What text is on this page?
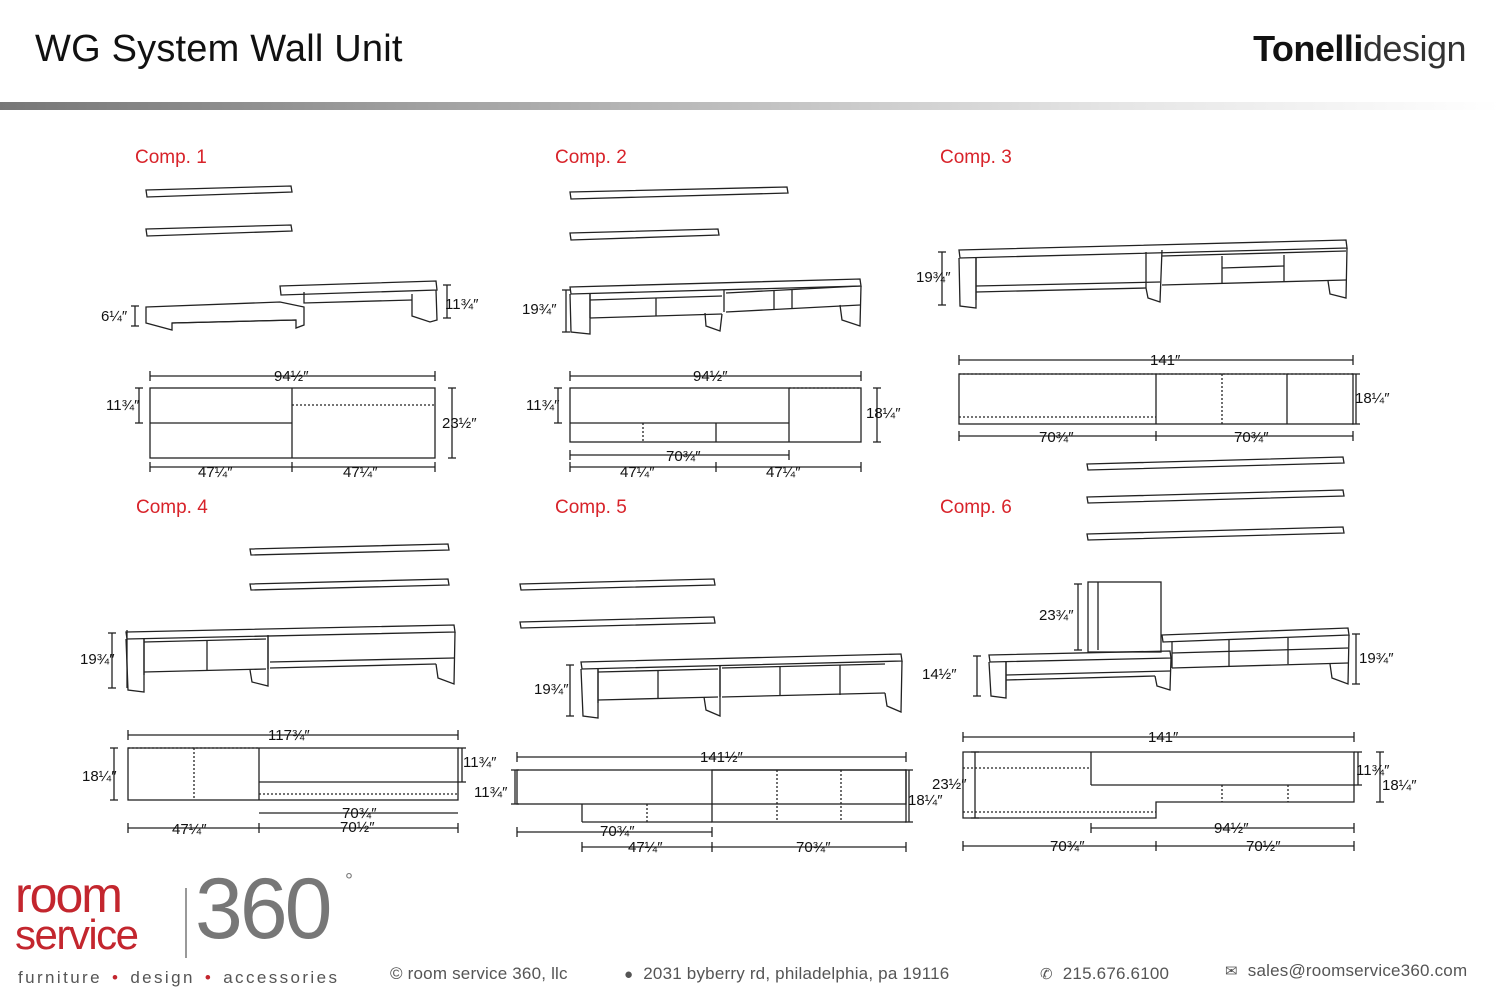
WG System Wall Unit	Tonellidesign
Comp. 1	Comp. 2	Comp. 3
Comp. 4	Comp. 5	Comp. 6
11¾″
6¼″
94½″
11¾″
23½″
47¼″	47¼″
19¾″
94½″
11¾″	18¼″
70¾″
47¼″	47¼″
19¾″
141″
18¼″
70¾″	70¾″
19¾″
117¾″
18¼″
11¾″
70¾″
47¼″	70½″
19¾″
141½″
11¾″	18¼″
70¾″
47¼″	70¾″
23¾″
14½″
19¾″
141″
23½″
11¾″
18¼″
94½″
70¾″	70½″
room
service 360 °
furniture • design • accessories	© room service 360, llc	● 2031 byberry rd, philadelphia, pa 19116	✆ 215.676.6100	✉ sales@roomservice360.com
